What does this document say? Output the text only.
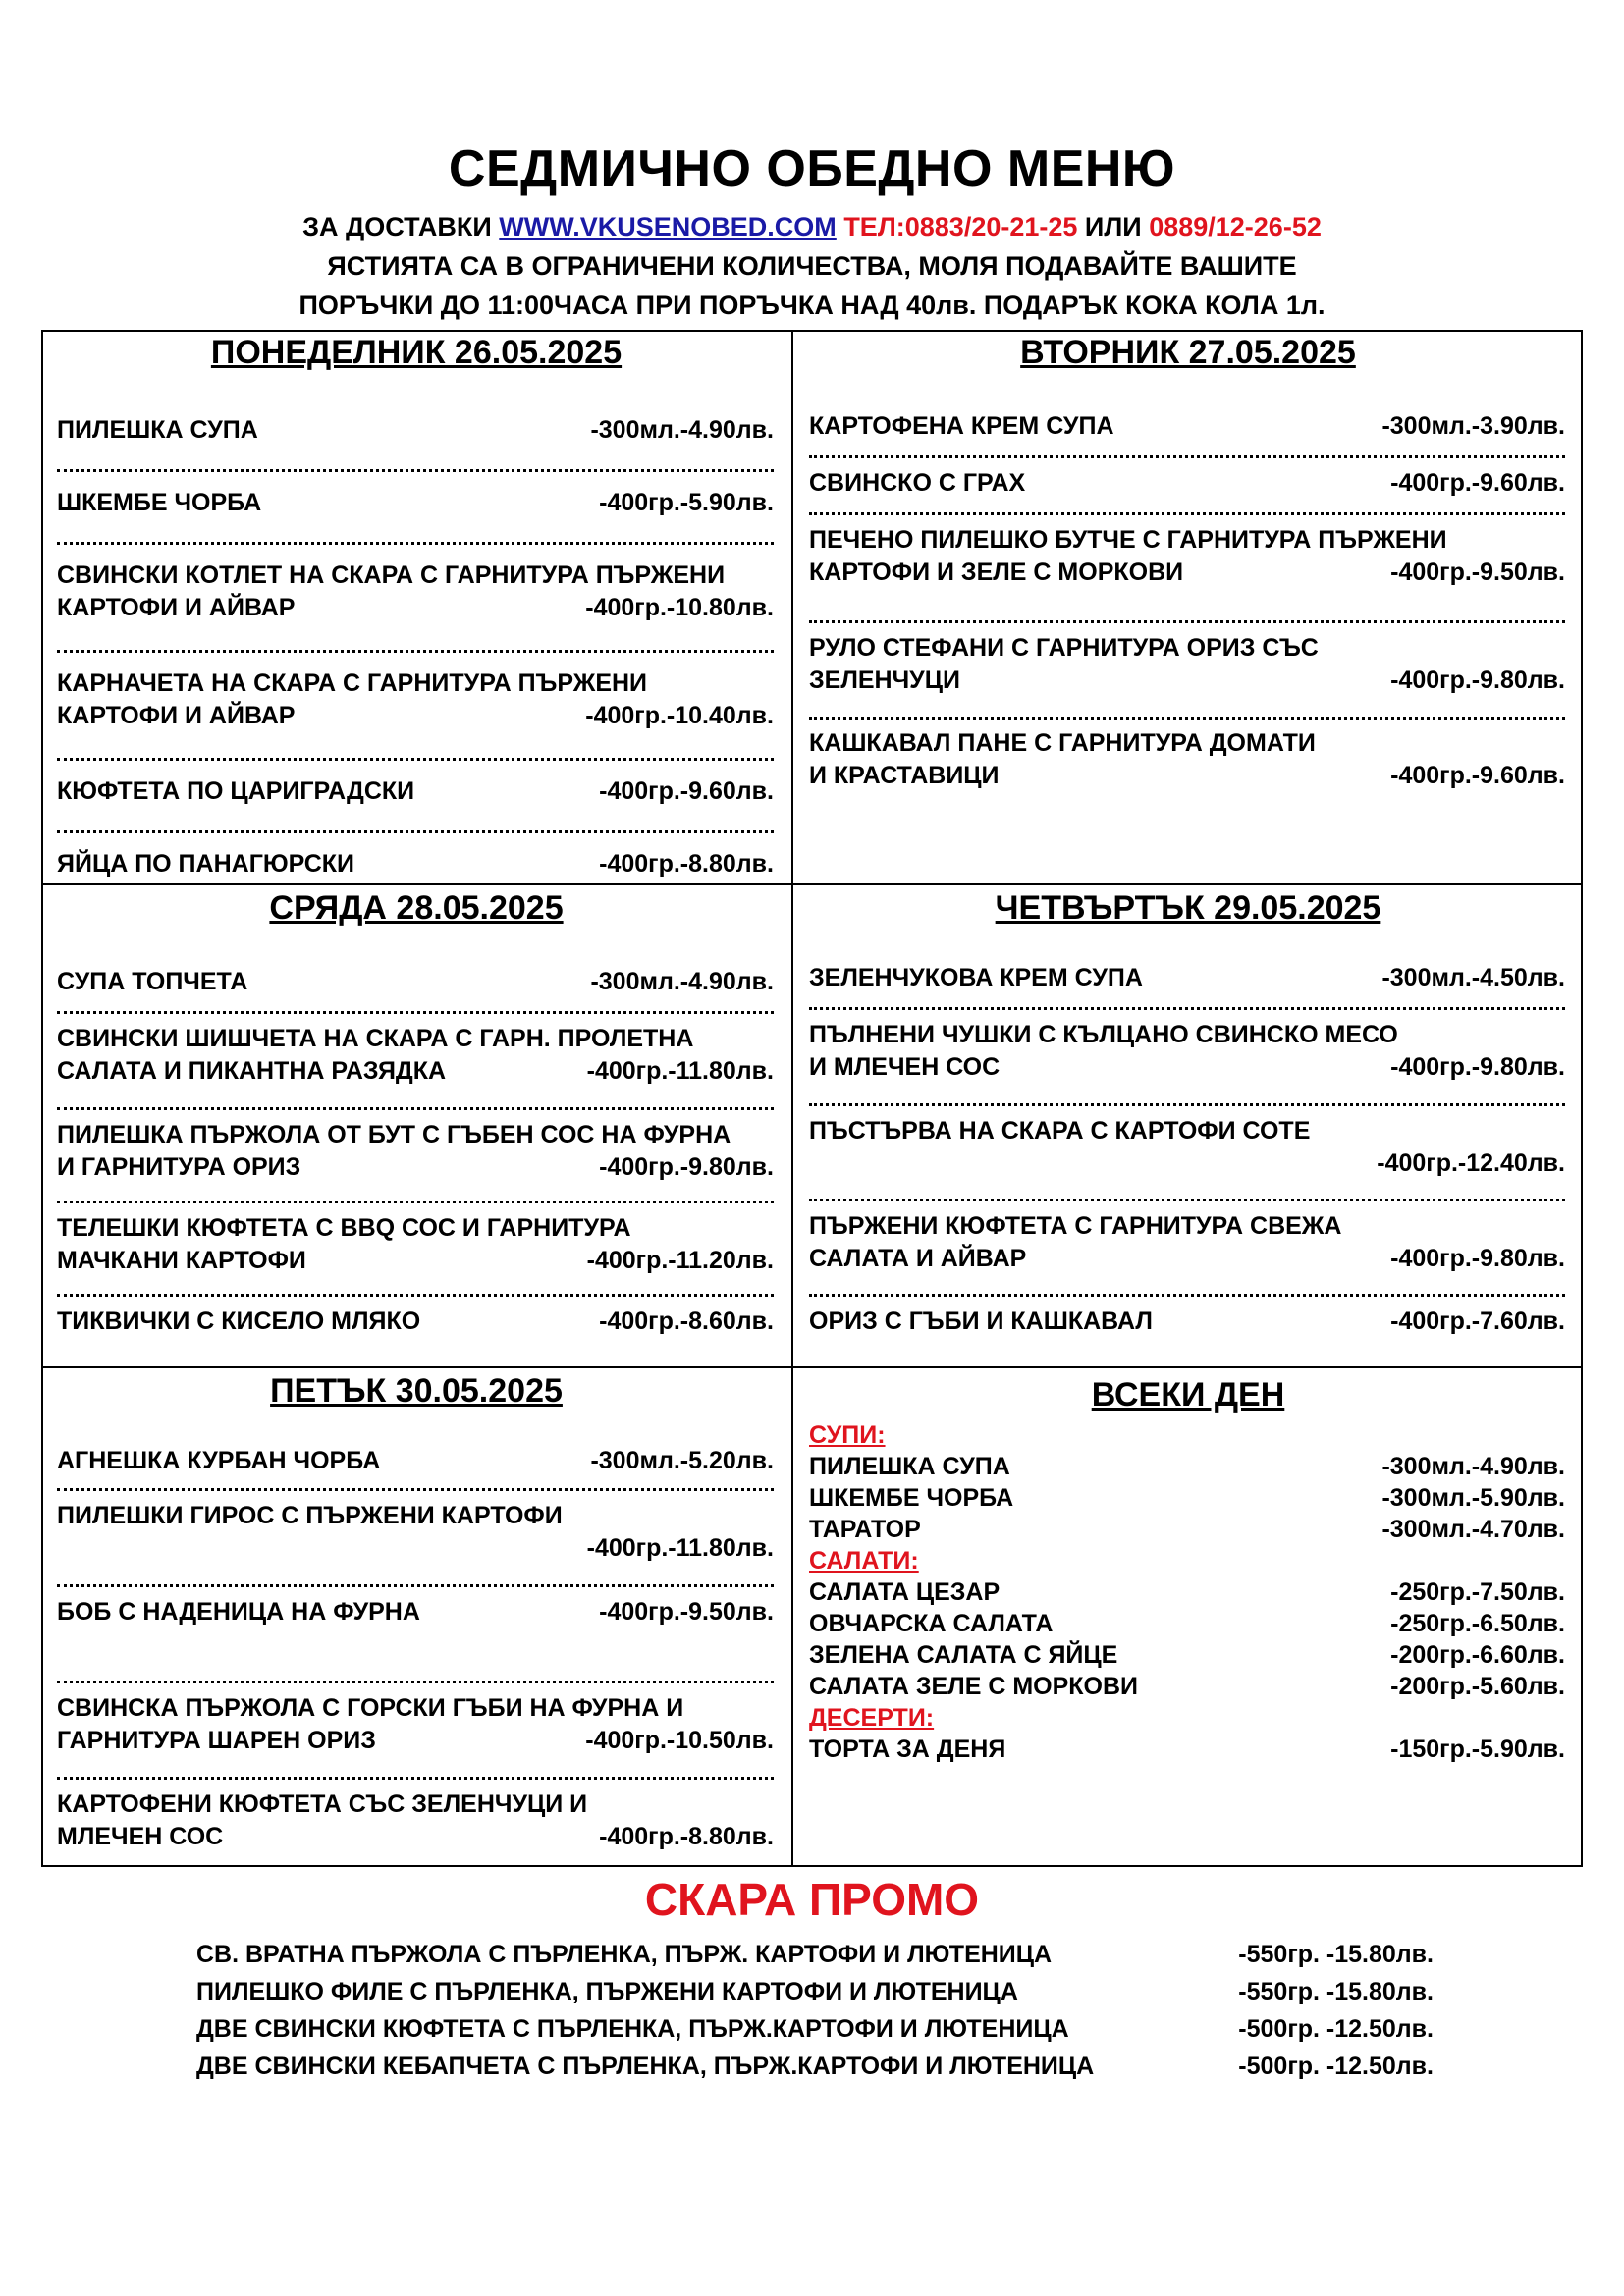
СЕДМИЧНО ОБЕДНО МЕНЮ
ЗА ДОСТАВКИ WWW.VKUSENOBED.COM ТЕЛ:0883/20-21-25 ИЛИ 0889/12-26-52
ЯСТИЯТА СА В ОГРАНИЧЕНИ КОЛИЧЕСТВА, МОЛЯ ПОДАВАЙТЕ ВАШИТЕ
ПОРЪЧКИ ДО 11:00ЧАСА ПРИ ПОРЪЧКА НАД 40лв. ПОДАРЪК КОКА КОЛА 1л.
ПОНЕДЕЛНИК 26.05.2025
ПИЛЕШКА СУПА	-300мл.-4.90лв.
ШКЕМБЕ ЧОРБА	-400гр.-5.90лв.
СВИНСКИ КОТЛЕТ НА СКАРА С ГАРНИТУРА ПЪРЖЕНИ
КАРТОФИ И АЙВАР	-400гр.-10.80лв.
КАРНАЧЕТА НА СКАРА С ГАРНИТУРА ПЪРЖЕНИ
КАРТОФИ И АЙВАР	-400гр.-10.40лв.
КЮФТЕТА ПО ЦАРИГРАДСКИ	-400гр.-9.60лв.
ЯЙЦА ПО ПАНАГЮРСКИ	-400гр.-8.80лв.
ВТОРНИК 27.05.2025
КАРТОФЕНА КРЕМ СУПА	-300мл.-3.90лв.
СВИНСКО С ГРАХ	-400гр.-9.60лв.
ПЕЧЕНО ПИЛЕШКО БУТЧЕ С ГАРНИТУРА ПЪРЖЕНИ
КАРТОФИ И ЗЕЛЕ С МОРКОВИ	-400гр.-9.50лв.
РУЛО СТЕФАНИ С ГАРНИТУРА ОРИЗ СЪС
ЗЕЛЕНЧУЦИ	-400гр.-9.80лв.
КАШКАВАЛ ПАНЕ С ГАРНИТУРА ДОМАТИ
И КРАСТАВИЦИ	-400гр.-9.60лв.
СРЯДА 28.05.2025
СУПА ТОПЧЕТА	-300мл.-4.90лв.
СВИНСКИ ШИШЧЕТА НА СКАРА С ГАРН. ПРОЛЕТНА
САЛАТА И ПИКАНТНА РАЗЯДКА	-400гр.-11.80лв.
ПИЛЕШКА ПЪРЖОЛА ОТ БУТ С ГЪБЕН СОС НА ФУРНА
И ГАРНИТУРА ОРИЗ	-400гр.-9.80лв.
ТЕЛЕШКИ КЮФТЕТА С BBQ СОС И ГАРНИТУРА
МАЧКАНИ КАРТОФИ	-400гр.-11.20лв.
ТИКВИЧКИ С КИСЕЛО МЛЯКО	-400гр.-8.60лв.
ЧЕТВЪРТЪК 29.05.2025
ЗЕЛЕНЧУКОВА КРЕМ СУПА	-300мл.-4.50лв.
ПЪЛНЕНИ ЧУШКИ С КЪЛЦАНО СВИНСКО МЕСО
И МЛЕЧЕН СОС	-400гр.-9.80лв.
ПЪСТЪРВА НА СКАРА С КАРТОФИ СОТЕ
-400гр.-12.40лв.
ПЪРЖЕНИ КЮФТЕТА С ГАРНИТУРА СВЕЖА
САЛАТА И АЙВАР	-400гр.-9.80лв.
ОРИЗ С ГЪБИ И КАШКАВАЛ	-400гр.-7.60лв.
ПЕТЪК 30.05.2025
АГНЕШКА КУРБАН ЧОРБА	-300мл.-5.20лв.
ПИЛЕШКИ ГИРОС С ПЪРЖЕНИ КАРТОФИ
-400гр.-11.80лв.
БОБ С НАДЕНИЦА НА ФУРНА	-400гр.-9.50лв.
СВИНСКА ПЪРЖОЛА С ГОРСКИ ГЪБИ НА ФУРНА И
ГАРНИТУРА ШАРЕН ОРИЗ	-400гр.-10.50лв.
КАРТОФЕНИ КЮФТЕТА СЪС ЗЕЛЕНЧУЦИ И
МЛЕЧЕН СОС	-400гр.-8.80лв.
ВСЕКИ ДЕН
СУПИ:
ПИЛЕШКА СУПА	-300мл.-4.90лв.
ШКЕМБЕ ЧОРБА	-300мл.-5.90лв.
ТАРАТОР	-300мл.-4.70лв.
САЛАТИ:
САЛАТА ЦЕЗАР	-250гр.-7.50лв.
ОВЧАРСКА САЛАТА	-250гр.-6.50лв.
ЗЕЛЕНА САЛАТА С ЯЙЦЕ	-200гр.-6.60лв.
САЛАТА ЗЕЛЕ С МОРКОВИ	-200гр.-5.60лв.
ДЕСЕРТИ:
ТОРТА ЗА ДЕНЯ	-150гр.-5.90лв.
СКАРА ПРОМО
СВ. ВРАТНА ПЪРЖОЛА С ПЪРЛЕНКА, ПЪРЖ. КАРТОФИ И ЛЮТЕНИЦА	-550гр. -15.80лв.
ПИЛЕШКО ФИЛЕ С ПЪРЛЕНКА, ПЪРЖЕНИ КАРТОФИ И ЛЮТЕНИЦА	-550гр. -15.80лв.
ДВЕ СВИНСКИ КЮФТЕТА С ПЪРЛЕНКА, ПЪРЖ.КАРТОФИ И ЛЮТЕНИЦА	-500гр. -12.50лв.
ДВЕ СВИНСКИ КЕБАПЧЕТА С ПЪРЛЕНКА, ПЪРЖ.КАРТОФИ И ЛЮТЕНИЦА	-500гр. -12.50лв.
